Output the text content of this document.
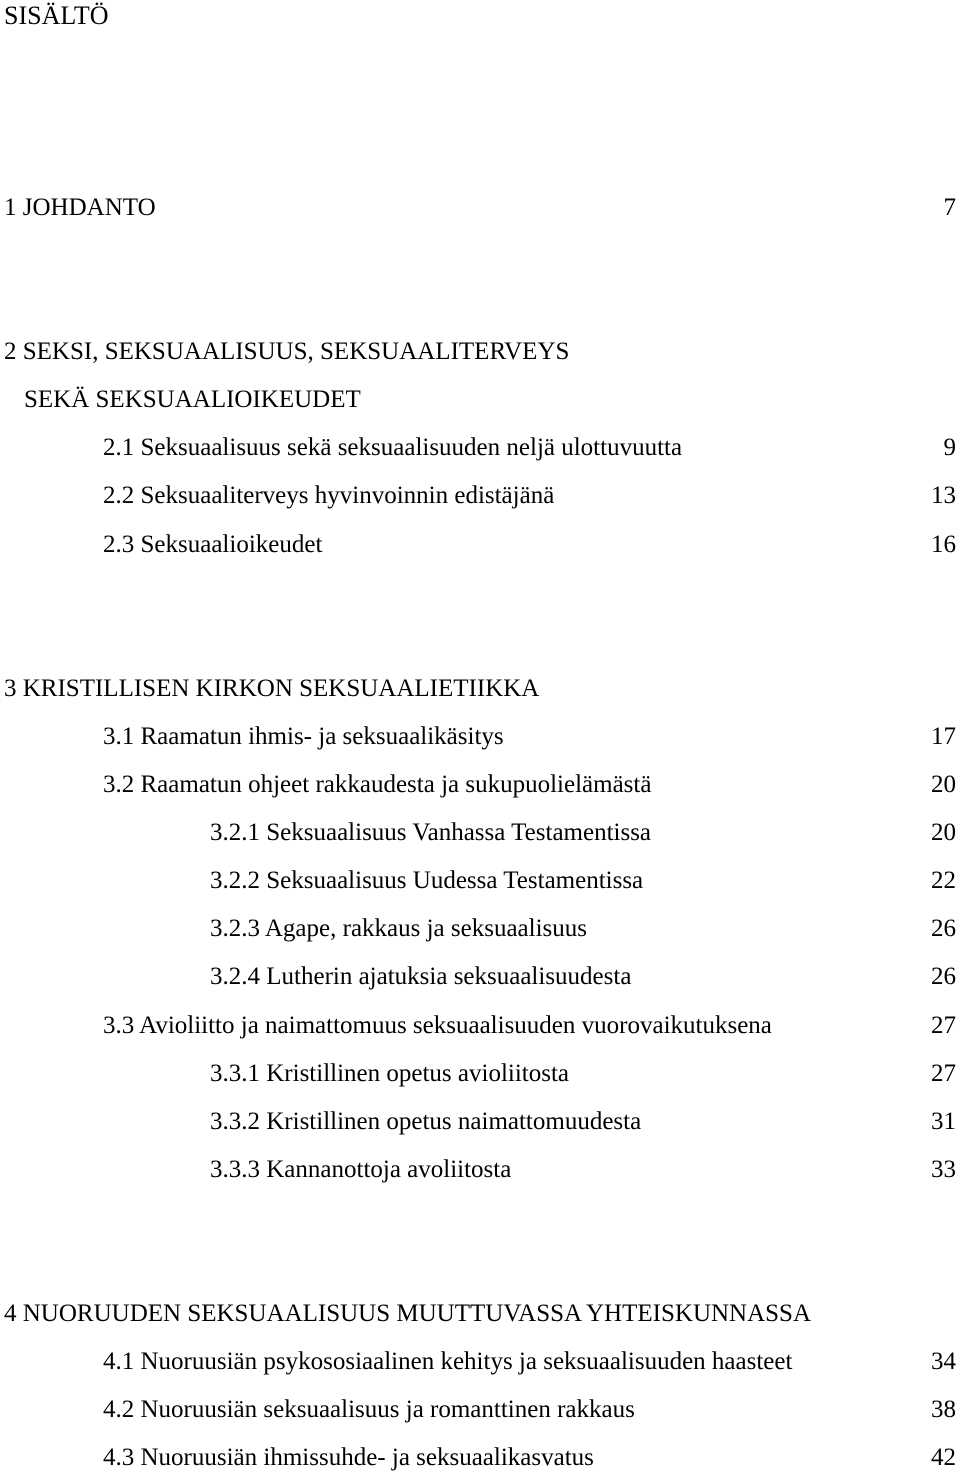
SISÄLTÖ
1 JOHDANTO	7
2 SEKSI, SEKSUAALISUUS, SEKSUAALITERVEYS
SEKÄ SEKSUAALIOIKEUDET
2.1 Seksuaalisuus sekä seksuaalisuuden neljä ulottuvuutta	9
2.2 Seksuaaliterveys hyvinvoinnin edistäjänä	13
2.3 Seksuaalioikeudet	16
3 KRISTILLISEN KIRKON SEKSUAALIETIIKKA
3.1 Raamatun ihmis- ja seksuaalikäsitys	17
3.2 Raamatun ohjeet rakkaudesta ja sukupuolielämästä	20
3.2.1 Seksuaalisuus Vanhassa Testamentissa	20
3.2.2 Seksuaalisuus Uudessa Testamentissa	22
3.2.3 Agape, rakkaus ja seksuaalisuus	26
3.2.4 Lutherin ajatuksia seksuaalisuudesta	26
3.3 Avioliitto ja naimattomuus seksuaalisuuden vuorovaikutuksena	27
3.3.1 Kristillinen opetus avioliitosta	27
3.3.2 Kristillinen opetus naimattomuudesta	31
3.3.3 Kannanottoja avoliitosta	33
4 NUORUUDEN SEKSUAALISUUS MUUTTUVASSA YHTEISKUNNASSA
4.1 Nuoruusiän psykososiaalinen kehitys ja seksuaalisuuden haasteet	34
4.2 Nuoruusiän seksuaalisuus ja romanttinen rakkaus	38
4.3 Nuoruusiän ihmissuhde- ja seksuaalikasvatus	42
